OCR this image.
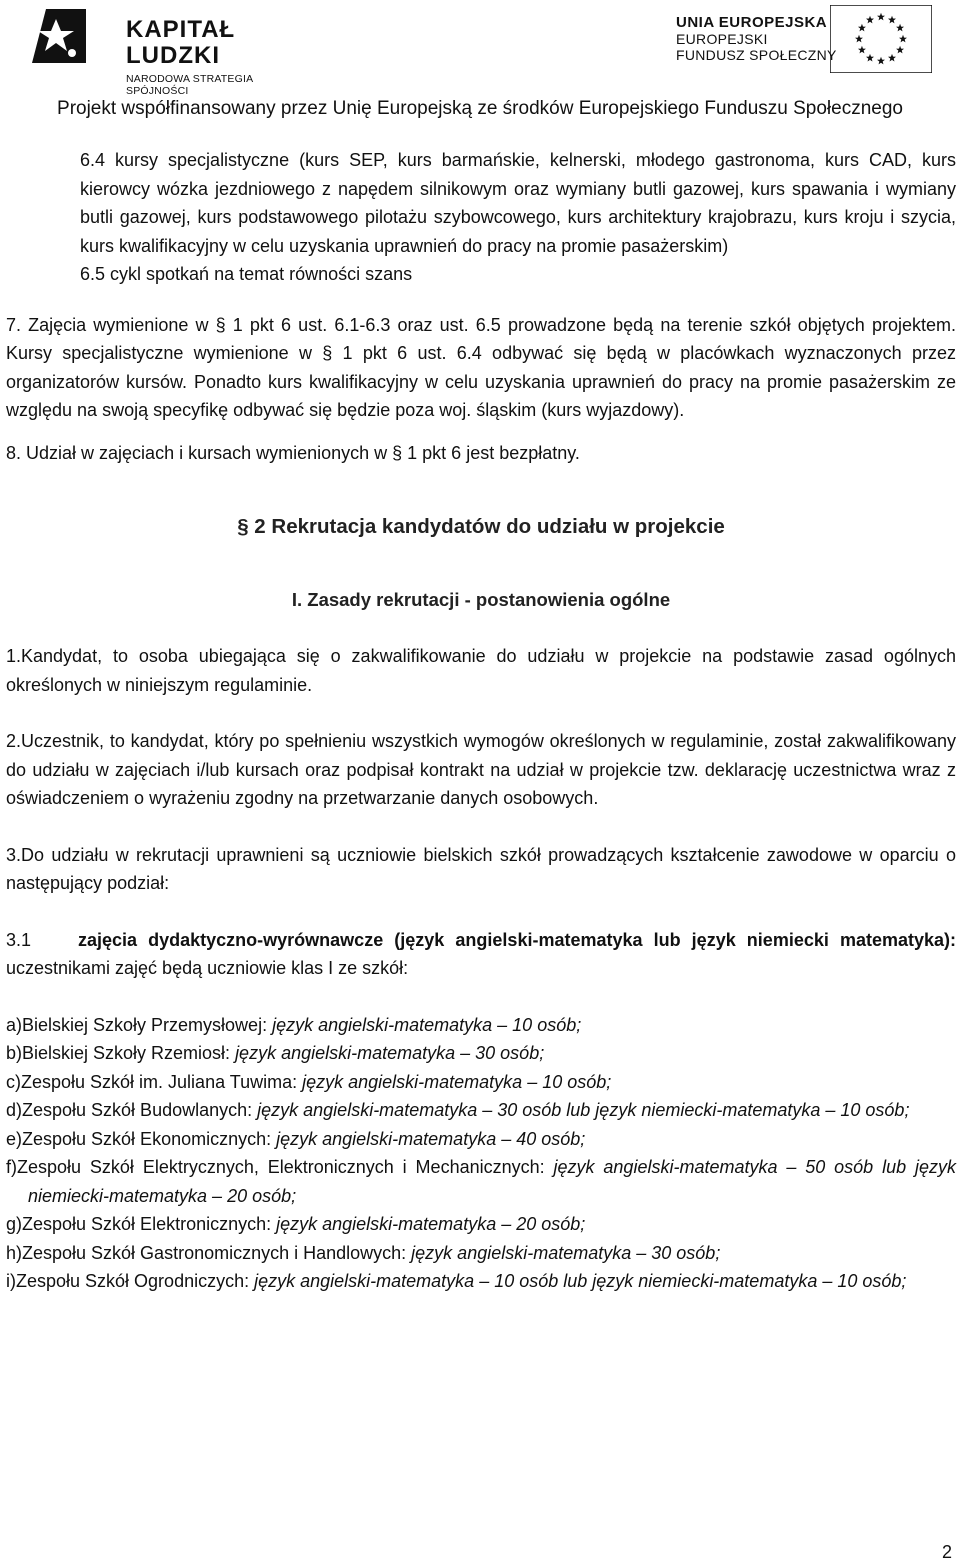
KAPITAŁ LUDZKI
NARODOWA STRATEGIA SPÓJNOŚCI
UNIA EUROPEJSKA
EUROPEJSKI
FUNDUSZ SPOŁECZNY
Projekt współfinansowany przez Unię Europejską ze środków Europejskiego Funduszu Społecznego

6.4 kursy specjalistyczne (kurs SEP, kurs barmańskie, kelnerski, młodego gastronoma, kurs CAD, kurs kierowcy wózka jezdniowego z napędem silnikowym oraz wymiany butli gazowej, kurs spawania i wymiany butli gazowej, kurs podstawowego pilotażu szybowcowego, kurs architektury krajobrazu, kurs kroju i szycia, kurs kwalifikacyjny w celu uzyskania uprawnień do pracy na promie pasażerskim)

6.5 cykl spotkań na temat równości szans

7. Zajęcia wymienione w § 1 pkt 6 ust. 6.1-6.3 oraz ust. 6.5 prowadzone będą na terenie szkół objętych projektem. Kursy specjalistyczne wymienione w § 1 pkt 6 ust. 6.4 odbywać się będą w placówkach wyznaczonych przez organizatorów kursów. Ponadto kurs kwalifikacyjny w celu uzyskania uprawnień do pracy na promie pasażerskim ze względu na swoją specyfikę odbywać się będzie poza woj. śląskim (kurs wyjazdowy).

8. Udział w zajęciach i kursach wymienionych w § 1 pkt 6 jest bezpłatny.

§ 2 Rekrutacja kandydatów do udziału w projekcie

I. Zasady rekrutacji - postanowienia ogólne

1.Kandydat, to osoba ubiegająca się o zakwalifikowanie do udziału w projekcie na podstawie zasad ogólnych określonych w niniejszym regulaminie.

2.Uczestnik, to kandydat, który po spełnieniu wszystkich wymogów określonych w regulaminie, został zakwalifikowany do udziału w zajęciach i/lub kursach oraz podpisał kontrakt na udział w projekcie tzw. deklarację uczestnictwa wraz z oświadczeniem o wyrażeniu zgodny na przetwarzanie danych osobowych.

3.Do udziału w rekrutacji uprawnieni są uczniowie bielskich szkół prowadzących kształcenie zawodowe w oparciu o następujący podział:

3.1	zajęcia dydaktyczno-wyrównawcze (język angielski-matematyka lub język niemiecki matematyka): uczestnikami zajęć będą uczniowie klas I ze szkół:

a)Bielskiej Szkoły Przemysłowej: język angielski-matematyka – 10 osób;

b)Bielskiej Szkoły Rzemiosł: język angielski-matematyka – 30 osób;

c)Zespołu Szkół im. Juliana Tuwima: język angielski-matematyka – 10 osób;

d)Zespołu Szkół Budowlanych: język angielski-matematyka – 30 osób lub język niemiecki-matematyka – 10 osób;

e)Zespołu Szkół Ekonomicznych: język angielski-matematyka – 40 osób;

f)Zespołu Szkół Elektrycznych, Elektronicznych i Mechanicznych: język angielski-matematyka – 50 osób lub język niemiecki-matematyka – 20 osób;

g)Zespołu Szkół Elektronicznych: język angielski-matematyka – 20 osób;

h)Zespołu Szkół Gastronomicznych i Handlowych: język angielski-matematyka – 30 osób;

i)Zespołu Szkół Ogrodniczych: język angielski-matematyka – 10 osób lub język niemiecki-matematyka – 10 osób;

2
